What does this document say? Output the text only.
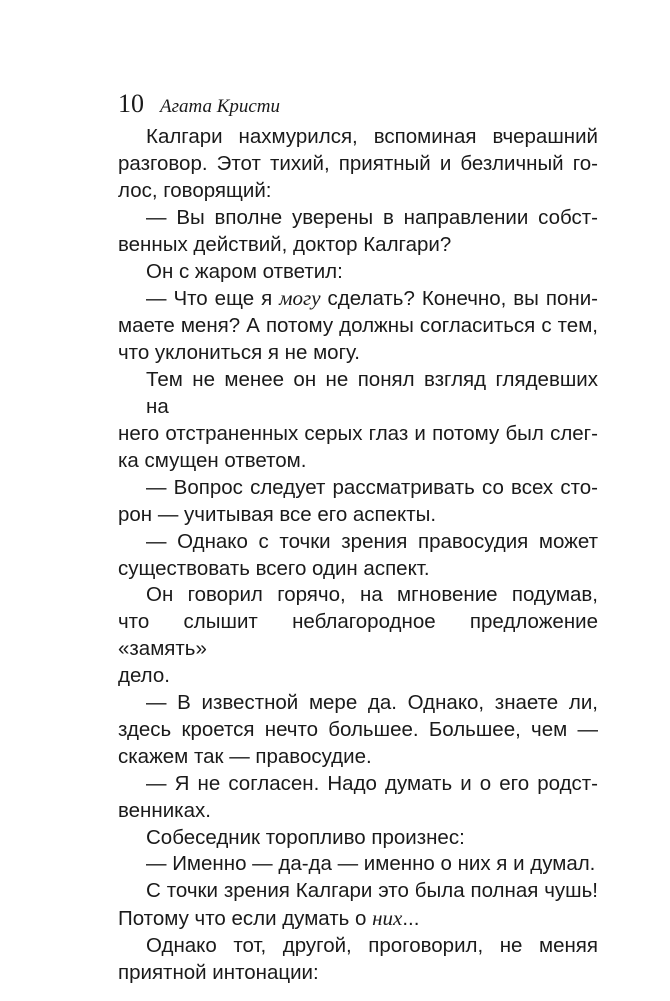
10 Агата Кристи
Калгари нахмурился, вспоминая вчерашний
разговор. Этот тихий, приятный и безличный го-
лос, говорящий:
— Вы вполне уверены в направлении собст-
венных действий, доктор Калгари?
Он с жаром ответил:
— Что еще я могу сделать? Конечно, вы пони-
маете меня? А потому должны согласиться с тем,
что уклониться я не могу.
Тем не менее он не понял взгляд глядевших на
него отстраненных серых глаз и потому был слег-
ка смущен ответом.
— Вопрос следует рассматривать со всех сто-
рон — учитывая все его аспекты.
— Однако с точки зрения правосудия может
существовать всего один аспект.
Он говорил горячо, на мгновение подумав,
что слышит неблагородное предложение «замять»
дело.
— В известной мере да. Однако, знаете ли,
здесь кроется нечто большее. Большее, чем —
скажем так — правосудие.
— Я не согласен. Надо думать и о его родст-
венниках.
Собеседник торопливо произнес:
— Именно — да-да — именно о них я и думал.
С точки зрения Калгари это была полная чушь!
Потому что если думать о них...
Однако тот, другой, проговорил, не меняя
приятной интонации:
